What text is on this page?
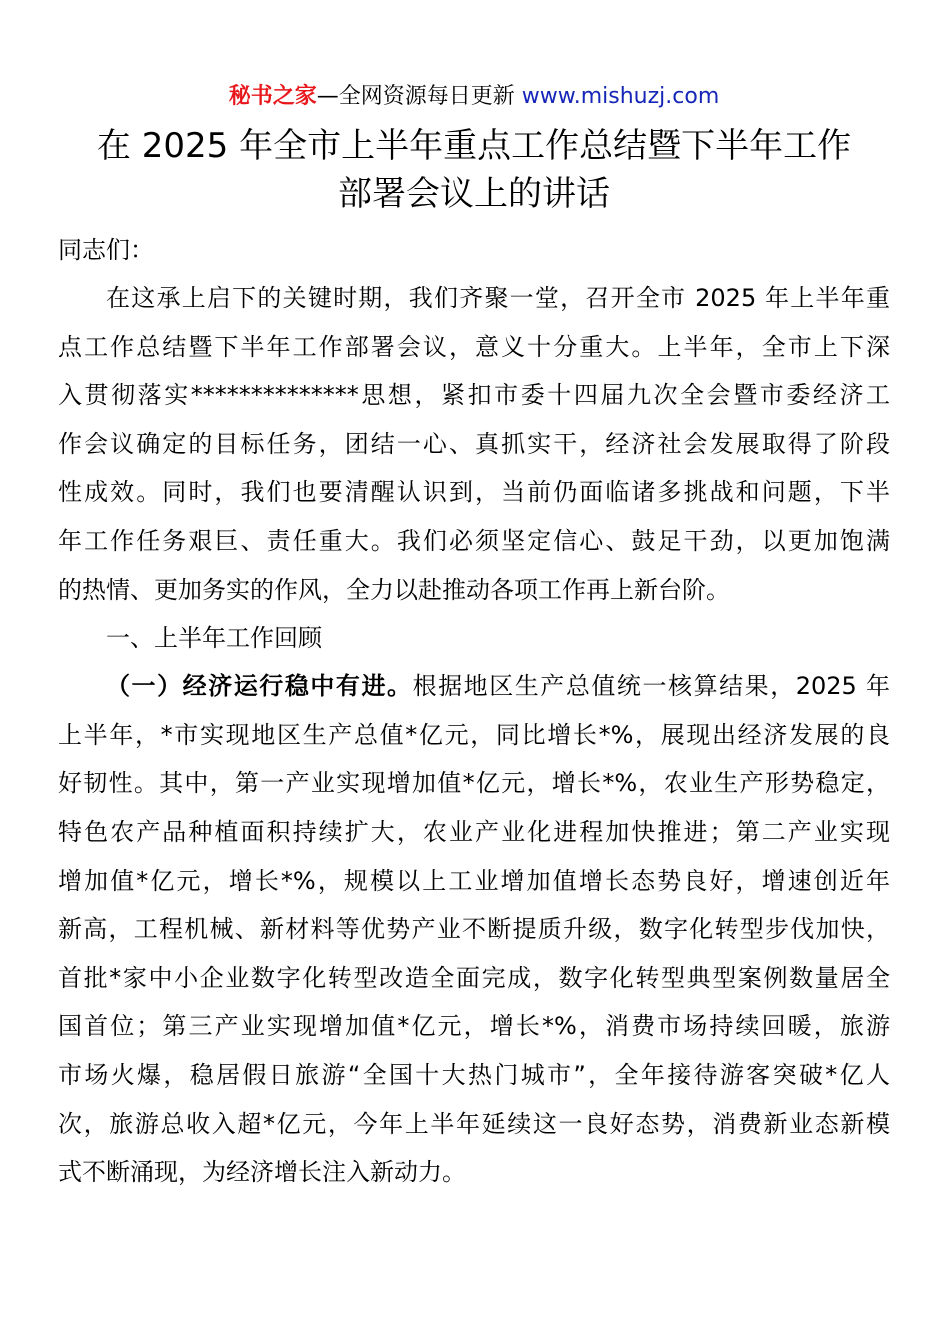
秘书之家—全网资源每日更新 www.mishuzj.com
在 2025 年全市上半年重点工作总结暨下半年工作
部署会议上的讲话
同志们：
在这承上启下的关键时期，我们齐聚一堂，召开全市 2025 年上半年重
点工作总结暨下半年工作部署会议，意义十分重大。上半年，全市上下深
入贯彻落实**************思想，紧扣市委十四届九次全会暨市委经济工
作会议确定的目标任务，团结一心、真抓实干，经济社会发展取得了阶段
性成效。同时，我们也要清醒认识到，当前仍面临诸多挑战和问题，下半
年工作任务艰巨、责任重大。我们必须坚定信心、鼓足干劲，以更加饱满
的热情、更加务实的作风，全力以赴推动各项工作再上新台阶。
一、上半年工作回顾
（一）经济运行稳中有进。根据地区生产总值统一核算结果，2025 年
上半年，*市实现地区生产总值*亿元，同比增长*%，展现出经济发展的良
好韧性。其中，第一产业实现增加值*亿元，增长*%，农业生产形势稳定，
特色农产品种植面积持续扩大，农业产业化进程加快推进；第二产业实现
增加值*亿元，增长*%，规模以上工业增加值增长态势良好，增速创近年
新高，工程机械、新材料等优势产业不断提质升级，数字化转型步伐加快，
首批*家中小企业数字化转型改造全面完成，数字化转型典型案例数量居全
国首位；第三产业实现增加值*亿元，增长*%，消费市场持续回暖，旅游
市场火爆，稳居假日旅游“全国十大热门城市”，全年接待游客突破*亿人
次，旅游总收入超*亿元，今年上半年延续这一良好态势，消费新业态新模
式不断涌现，为经济增长注入新动力。
